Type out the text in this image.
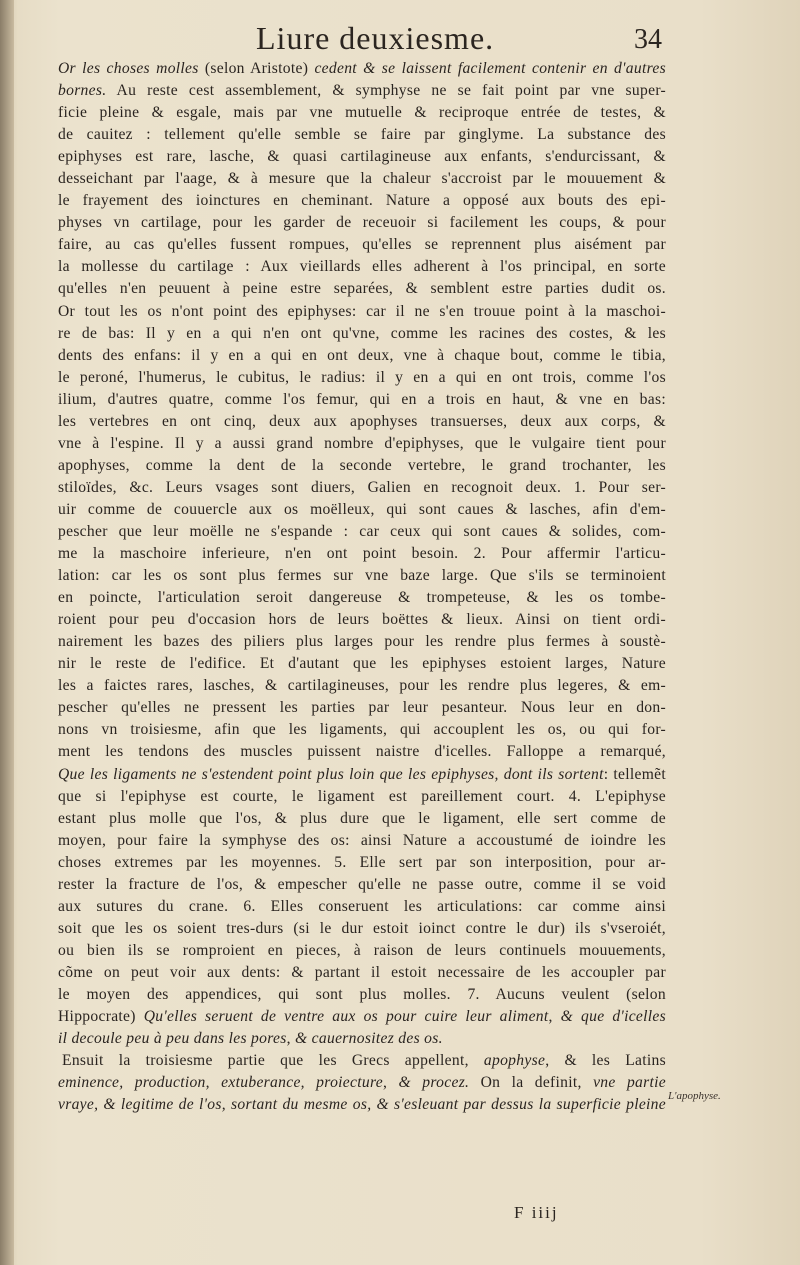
Liure deuxiesme.	34
Or les choses molles (selon Aristote) cedent & se laissent facilement contenir en d'autres
bornes. Au reste cest assemblement, & symphyse ne se fait point par vne super-
ficie pleine & esgale, mais par vne mutuelle & reciproque entrée de testes, &
de cauitez : tellement qu'elle semble se faire par ginglyme. La substance des
epiphyses est rare, lasche, & quasi cartilagineuse aux enfants, s'endurcissant, &
desseichant par l'aage, & à mesure que la chaleur s'accroist par le mouuement &
le frayement des ioinctures en cheminant. Nature a opposé aux bouts des epi-
physes vn cartilage, pour les garder de receuoir si facilement les coups, & pour
faire, au cas qu'elles fussent rompues, qu'elles se reprennent plus aisément par
la mollesse du cartilage : Aux vieillards elles adherent à l'os principal, en sorte
qu'elles n'en peuuent à peine estre separées, & semblent estre parties dudit os.
Or tout les os n'ont point des epiphyses: car il ne s'en trouue point à la maschoi-
re de bas: Il y en a qui n'en ont qu'vne, comme les racines des costes, & les
dents des enfans: il y en a qui en ont deux, vne à chaque bout, comme le tibia,
le peroné, l'humerus, le cubitus, le radius: il y en a qui en ont trois, comme l'os
ilium, d'autres quatre, comme l'os femur, qui en a trois en haut, & vne en bas:
les vertebres en ont cinq, deux aux apophyses transuerses, deux aux corps, &
vne à l'espine. Il y a aussi grand nombre d'epiphyses, que le vulgaire tient pour
apophyses, comme la dent de la seconde vertebre, le grand trochanter, les
stiloïdes, &c. Leurs vsages sont diuers, Galien en recognoit deux. 1. Pour ser-
uir comme de couuercle aux os moëlleux, qui sont caues & lasches, afin d'em-
pescher que leur moëlle ne s'espande : car ceux qui sont caues & solides, com-
me la maschoire inferieure, n'en ont point besoin. 2. Pour affermir l'articu-
lation: car les os sont plus fermes sur vne baze large. Que s'ils se terminoient
en poincte, l'articulation seroit dangereuse & trompeteuse, & les os tombe-
roient pour peu d'occasion hors de leurs boëttes & lieux. Ainsi on tient ordi-
nairement les bazes des piliers plus larges pour les rendre plus fermes à soustè-
nir le reste de l'edifice. Et d'autant que les epiphyses estoient larges, Nature
les a faictes rares, lasches, & cartilagineuses, pour les rendre plus legeres, & em-
pescher qu'elles ne pressent les parties par leur pesanteur. Nous leur en don-
nons vn troisiesme, afin que les ligaments, qui accouplent les os, ou qui for-
ment les tendons des muscles puissent naistre d'icelles. Falloppe a remarqué,
Que les ligaments ne s'estendent point plus loin que les epiphyses, dont ils sortent: tellemẽt
que si l'epiphyse est courte, le ligament est pareillement court. 4. L'epiphyse
estant plus molle que l'os, & plus dure que le ligament, elle sert comme de
moyen, pour faire la symphyse des os: ainsi Nature a accoustumé de ioindre les
choses extremes par les moyennes. 5. Elle sert par son interposition, pour ar-
rester la fracture de l'os, & empescher qu'elle ne passe outre, comme il se void
aux sutures du crane. 6. Elles conseruent les articulations: car comme ainsi
soit que les os soient tres-durs (si le dur estoit ioinct contre le dur) ils s'vseroiét,
ou bien ils se romproient en pieces, à raison de leurs continuels mouuements,
cõme on peut voir aux dents: & partant il estoit necessaire de les accoupler par
le moyen des appendices, qui sont plus molles. 7. Aucuns veulent (selon
Hippocrate) Qu'elles seruent de ventre aux os pour cuire leur aliment, & que d'icelles
il decoule peu à peu dans les pores, & cauernositez des os.
Ensuit la troisiesme partie que les Grecs appellent, apophyse, & les Latins
eminence, production, extuberance, proiecture, & procez. On la definit, vne partie
vraye, & legitime de l'os, sortant du mesme os, & s'esleuant par dessus la superficie pleine
L'apophyse.
F iiij
